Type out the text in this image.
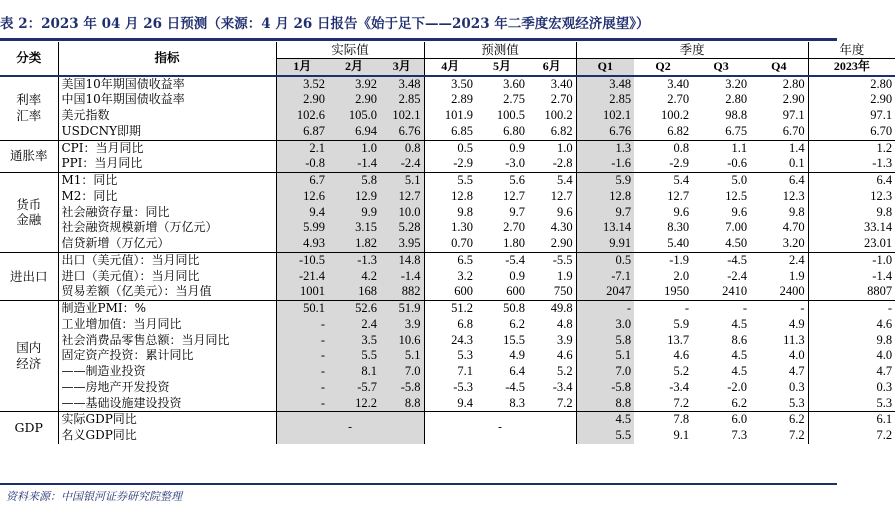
表 2：2023 年 04 月 26 日预测（来源：4 月 26 日报告《始于足下——2023 年二季度宏观经济展望》）
分类	指标	实际值			预测值			季度				年度
		1月	2月	3月	4月	5月	6月	Q1	Q2	Q3	Q4	2023年
利率
汇率	美国10年期国债收益率	3.52	3.92	3.48	3.50	3.60	3.40	3.48	3.40	3.20	2.80	2.80
	中国10年期国债收益率	2.90	2.90	2.85	2.89	2.75	2.70	2.85	2.70	2.80	2.90	2.90
	美元指数	102.6	105.0	102.1	101.9	100.5	100.2	102.1	100.2	98.8	97.1	97.1
	USDCNY即期	6.87	6.94	6.76	6.85	6.80	6.82	6.76	6.82	6.75	6.70	6.70
通胀率	CPI：当月同比	2.1	1.0	0.8	0.5	0.9	1.0	1.3	0.8	1.1	1.4	1.2
	PPI：当月同比	-0.8	-1.4	-2.4	-2.9	-3.0	-2.8	-1.6	-2.9	-0.6	0.1	-1.3
货币
金融	M1：同比	6.7	5.8	5.1	5.5	5.6	5.4	5.9	5.4	5.0	6.4	6.4
	M2：同比	12.6	12.9	12.7	12.8	12.7	12.7	12.8	12.7	12.5	12.3	12.3
	社会融资存量：同比	9.4	9.9	10.0	9.8	9.7	9.6	9.7	9.6	9.6	9.8	9.8
	社会融资规模新增（万亿元）	5.99	3.15	5.28	1.30	2.70	4.30	13.14	8.30	7.00	4.70	33.14
	信贷新增（万亿元）	4.93	1.82	3.95	0.70	1.80	2.90	9.91	5.40	4.50	3.20	23.01
进出口	出口（美元值）：当月同比	-10.5	-1.3	14.8	6.5	-5.4	-5.5	0.5	-1.9	-4.5	2.4	-1.0
	进口（美元值）：当月同比	-21.4	4.2	-1.4	3.2	0.9	1.9	-7.1	2.0	-2.4	1.9	-1.4
	贸易差额（亿美元）：当月值	1001	168	882	600	600	750	2047	1950	2410	2400	8807
国内
经济	制造业PMI：%	50.1	52.6	51.9	51.2	50.8	49.8	-	-	-	-	-
	工业增加值：当月同比	-	2.4	3.9	6.8	6.2	4.8	3.0	5.9	4.5	4.9	4.6
	社会消费品零售总额：当月同比	-	3.5	10.6	24.3	15.5	3.9	5.8	13.7	8.6	11.3	9.8
	固定资产投资：累计同比	-	5.5	5.1	5.3	4.9	4.6	5.1	4.6	4.5	4.0	4.0
	——制造业投资	-	8.1	7.0	7.1	6.4	5.2	7.0	5.2	4.5	4.7	4.7
	——房地产开发投资	-	-5.7	-5.8	-5.3	-4.5	-3.4	-5.8	-3.4	-2.0	0.3	0.3
	——基础设施建设投资	-	12.2	8.8	9.4	8.3	7.2	8.8	7.2	6.2	5.3	5.3
GDP	实际GDP同比	-			-			4.5	7.8	6.0	6.2	6.1
	名义GDP同比							5.5	9.1	7.3	7.2	7.2
资料来源：中国银河证券研究院整理
